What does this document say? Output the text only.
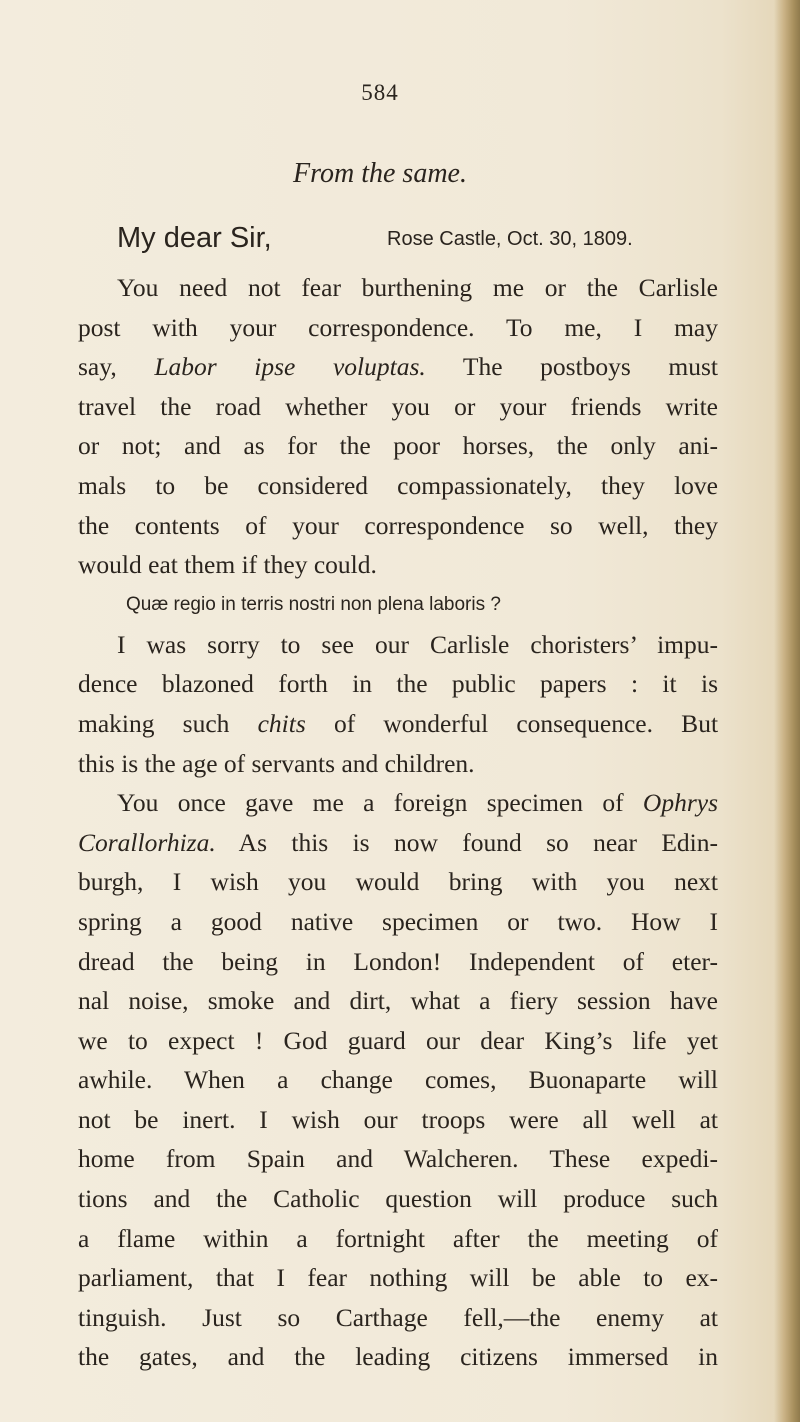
584
From the same.
My dear Sir,	Rose Castle, Oct. 30, 1809.
You need not fear burthening me or the Carlisle
post with your correspondence. To me, I may
say, Labor ipse voluptas. The postboys must
travel the road whether you or your friends write
or not; and as for the poor horses, the only ani-
mals to be considered compassionately, they love
the contents of your correspondence so well, they
would eat them if they could.
Quæ regio in terris nostri non plena laboris ?
I was sorry to see our Carlisle choristers’ impu-
dence blazoned forth in the public papers : it is
making such chits of wonderful consequence. But
this is the age of servants and children.
You once gave me a foreign specimen of Ophrys
Corallorhiza. As this is now found so near Edin-
burgh, I wish you would bring with you next
spring a good native specimen or two. How I
dread the being in London! Independent of eter-
nal noise, smoke and dirt, what a fiery session have
we to expect ! God guard our dear King’s life yet
awhile. When a change comes, Buonaparte will
not be inert. I wish our troops were all well at
home from Spain and Walcheren. These expedi-
tions and the Catholic question will produce such
a flame within a fortnight after the meeting of
parliament, that I fear nothing will be able to ex-
tinguish. Just so Carthage fell,—the enemy at
the gates, and the leading citizens immersed in
